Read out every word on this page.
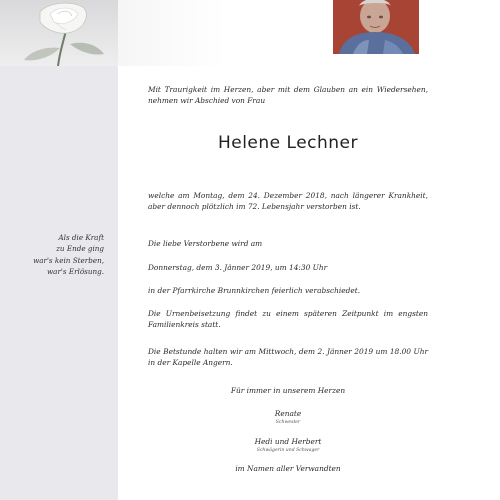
Als die Kraft
zu Ende ging
war's kein Sterben,
war's Erlösung.
Mit Traurigkeit im Herzen, aber mit dem Glauben an ein Wiedersehen, nehmen wir Abschied von Frau
Helene Lechner
welche am Montag, dem 24. Dezember 2018, nach längerer Krankheit, aber dennoch plötzlich im 72. Lebensjahr verstorben ist.
Die liebe Verstorbene wird am
Donnerstag, dem 3. Jänner 2019, um 14:30 Uhr
in der Pfarrkirche Brunnkirchen feierlich verabschiedet.
Die Urnenbeisetzung findet zu einem späteren Zeitpunkt im engsten Familienkreis statt.
Die Betstunde halten wir am Mittwoch, dem 2. Jänner 2019 um 18.00 Uhr in der Kapelle Angern.
Für immer in unserem Herzen
Renate
Schwester
Hedi und Herbert
Schwägerin und Schwager
im Namen aller Verwandten
